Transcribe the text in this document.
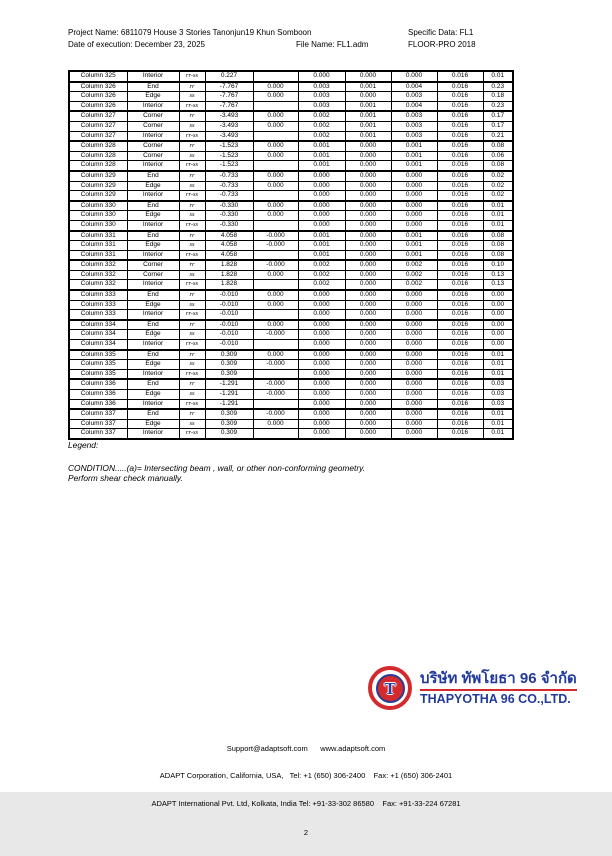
Project Name: 6811079 House 3 Stories Tanonjun19 Khun Somboon	Specific Data: FL1
Date of execution: December 23, 2025	File Name: FL1.adm	FLOOR-PRO 2018
Column 325	Interior	rr-ss	0.227		0.000	0.000	0.000	0.016	0.01
Column 326	End	rr	-7.767	0.000	0.003	0.001	0.004	0.016	0.23
Column 326	Edge	ss	-7.767	0.000	0.003	0.000	0.003	0.016	0.18
Column 326	Interior	rr-ss	-7.767		0.003	0.001	0.004	0.016	0.23
Column 327	Corner	rr	-3.493	0.000	0.002	0.001	0.003	0.016	0.17
Column 327	Corner	ss	-3.493	0.000	0.002	0.001	0.003	0.016	0.17
Column 327	Interior	rr-ss	-3.493		0.002	0.001	0.003	0.016	0.21
Column 328	Corner	rr	-1.523	0.000	0.001	0.000	0.001	0.016	0.08
Column 328	Corner	ss	-1.523	0.000	0.001	0.000	0.001	0.016	0.06
Column 328	Interior	rr-ss	-1.523		0.001	0.000	0.001	0.016	0.08
Column 329	End	rr	-0.733	0.000	0.000	0.000	0.000	0.016	0.02
Column 329	Edge	ss	-0.733	0.000	0.000	0.000	0.000	0.016	0.02
Column 329	Interior	rr-ss	-0.733		0.000	0.000	0.000	0.016	0.02
Column 330	End	rr	-0.330	0.000	0.000	0.000	0.000	0.016	0.01
Column 330	Edge	ss	-0.330	0.000	0.000	0.000	0.000	0.016	0.01
Column 330	Interior	rr-ss	-0.330		0.000	0.000	0.000	0.016	0.01
Column 331	End	rr	4.058	-0.000	0.001	0.000	0.001	0.016	0.08
Column 331	Edge	ss	4.058	-0.000	0.001	0.000	0.001	0.016	0.08
Column 331	Interior	rr-ss	4.058		0.001	0.000	0.001	0.016	0.08
Column 332	Corner	rr	1.828	-0.000	0.002	0.000	0.002	0.016	0.10
Column 332	Corner	ss	1.828	0.000	0.002	0.000	0.002	0.016	0.13
Column 332	Interior	rr-ss	1.828		0.002	0.000	0.002	0.016	0.13
Column 333	End	rr	-0.010	0.000	0.000	0.000	0.000	0.016	0.00
Column 333	Edge	ss	-0.010	0.000	0.000	0.000	0.000	0.016	0.00
Column 333	Interior	rr-ss	-0.010		0.000	0.000	0.000	0.016	0.00
Column 334	End	rr	-0.010	0.000	0.000	0.000	0.000	0.016	0.00
Column 334	Edge	ss	-0.010	-0.000	0.000	0.000	0.000	0.016	0.00
Column 334	Interior	rr-ss	-0.010		0.000	0.000	0.000	0.016	0.00
Column 335	End	rr	0.309	0.000	0.000	0.000	0.000	0.016	0.01
Column 335	Edge	ss	0.309	-0.000	0.000	0.000	0.000	0.016	0.01
Column 335	Interior	rr-ss	0.309		0.000	0.000	0.000	0.016	0.01
Column 336	End	rr	-1.291	-0.000	0.000	0.000	0.000	0.016	0.03
Column 336	Edge	ss	-1.291	-0.000	0.000	0.000	0.000	0.016	0.03
Column 336	Interior	rr-ss	-1.291		0.000	0.000	0.000	0.016	0.03
Column 337	End	rr	0.309	-0.000	0.000	0.000	0.000	0.016	0.01
Column 337	Edge	ss	0.309	0.000	0.000	0.000	0.000	0.016	0.01
Column 337	Interior	rr-ss	0.309		0.000	0.000	0.000	0.016	0.01
Legend:
CONDITION.....(a)= Intersecting beam , wall, or other non-conforming geometry.
Perform shear check manually.
T บริษัท ทัพโยธา 96 จำกัด
THAPYOTHA 96 CO.,LTD.

Support@adaptsoft.com      www.adaptsoft.com

ADAPT Corporation, California, USA,   Tel: +1 (650) 306-2400    Fax: +1 (650) 306-2401

ADAPT International Pvt. Ltd, Kolkata, India Tel: +91-33-302 86580    Fax: +91-33-224 67281

2
